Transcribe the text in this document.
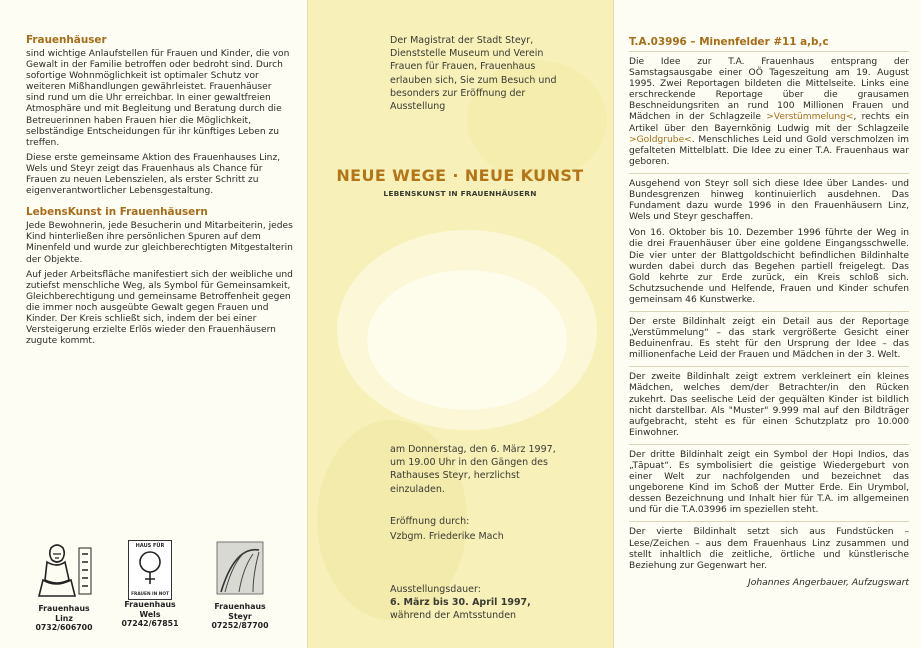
Frauenhäuser

sind wichtige Anlaufstellen für Frauen und Kinder, die von Gewalt in der Familie betroffen oder bedroht sind. Durch sofortige Wohnmöglichkeit ist optimaler Schutz vor weiteren Mißhandlungen gewährleistet. Frauenhäuser sind rund um die Uhr erreichbar. In einer gewaltfreien Atmosphäre und mit Begleitung und Beratung durch die Betreuerinnen haben Frauen hier die Möglichkeit, selbständige Entscheidungen für ihr künftiges Leben zu treffen.

Diese erste gemeinsame Aktion des Frauenhauses Linz, Wels und Steyr zeigt das Frauenhaus als Chance für Frauen zu neuen Lebenszielen, als erster Schritt zu eigenverantwortlicher Lebensgestaltung.

LebensKunst in Frauenhäusern

Jede Bewohnerin, jede Besucherin und Mitarbeiterin, jedes Kind hinterließen ihre persönlichen Spuren auf dem Minenfeld und wurde zur gleichberechtigten Mitgestalterin der Objekte.

Auf jeder Arbeitsfläche manifestiert sich der weibliche und zutiefst menschliche Weg, als Symbol für Gemeinsamkeit, Gleichberechtigung und gemeinsame Betroffenheit gegen die immer noch ausgeübte Gewalt gegen Frauen und Kinder. Der Kreis schließt sich, indem der bei einer Versteigerung erzielte Erlös wieder den Frauenhäusern zugute kommt.

Frauenhaus Linz
0732/606700
HAUS FÜR
FRAUEN IN NOT
Frauenhaus Wels
07242/67851
Frauenhaus Steyr
07252/87700
Der Magistrat der Stadt Steyr, Dienststelle Museum und Verein Frauen für Frauen, Frauenhaus erlauben sich, Sie zum Besuch und besonders zur Eröffnung der Ausstellung
NEUE WEGE · NEUE KUNST
LEBENSKUNST IN FRAUENHÄUSERN
am Donnerstag, den 6. März 1997, um 19.00 Uhr in den Gängen des Rathauses Steyr, herzlichst einzuladen.
Eröffnung durch:
Vzbgm. Friederike Mach
Ausstellungsdauer:
6. März bis 30. April 1997,
während der Amtsstunden
T.A.03996 – Minenfelder #11 a,b,c

Die Idee zur T.A. Frauenhaus entsprang der Samstagsausgabe einer OÖ Tageszeitung am 19. August 1995. Zwei Reportagen bildeten die Mittelseite. Links eine erschreckende Reportage über die grausamen Beschneidungsriten an rund 100 Millionen Frauen und Mädchen in der Schlagzeile >Verstümmelung<, rechts ein Artikel über den Bayernkönig Ludwig mit der Schlagzeile >Goldgrube<. Menschliches Leid und Gold verschmolzen im gefalteten Mittelblatt. Die Idee zu einer T.A. Frauenhaus war geboren.

Ausgehend von Steyr soll sich diese Idee über Landes- und Bundesgrenzen hinweg kontinuierlich ausdehnen. Das Fundament dazu wurde 1996 in den Frauenhäusern Linz, Wels und Steyr geschaffen.

Von 16. Oktober bis 10. Dezember 1996 führte der Weg in die drei Frauenhäuser über eine goldene Eingangsschwelle. Die vier unter der Blattgoldschicht befindlichen Bildinhalte wurden dabei durch das Begehen partiell freigelegt. Das Gold kehrte zur Erde zurück, ein Kreis schloß sich. Schutzsuchende und Helfende, Frauen und Kinder schufen gemeinsam 46 Kunstwerke.

Der erste Bildinhalt zeigt ein Detail aus der Reportage „Verstümmelung“ – das stark vergrößerte Gesicht einer Beduinenfrau. Es steht für den Ursprung der Idee – das millionenfache Leid der Frauen und Mädchen in der 3. Welt.

Der zweite Bildinhalt zeigt extrem verkleinert ein kleines Mädchen, welches dem/der Betrachter/in den Rücken zukehrt. Das seelische Leid der gequälten Kinder ist bildlich nicht darstellbar. Als "Muster" 9.999 mal auf den Bildträger aufgebracht, steht es für einen Schutzplatz pro 10.000 Einwohner.

Der dritte Bildinhalt zeigt ein Symbol der Hopi Indios, das „Tāpuat“. Es symbolisiert die geistige Wiedergeburt von einer Welt zur nachfolgenden und bezeichnet das ungeborene Kind im Schoß der Mutter Erde. Ein Urymbol, dessen Bezeichnung und Inhalt hier für T.A. im allgemeinen und für die T.A.03996 im speziellen steht.

Der vierte Bildinhalt setzt sich aus Fundstücken – Lese/Zeichen – aus dem Frauenhaus Linz zusammen und stellt inhaltlich die zeitliche, örtliche und künstlerische Beziehung zur Gegenwart her.

Johannes Angerbauer, Aufzugswart
